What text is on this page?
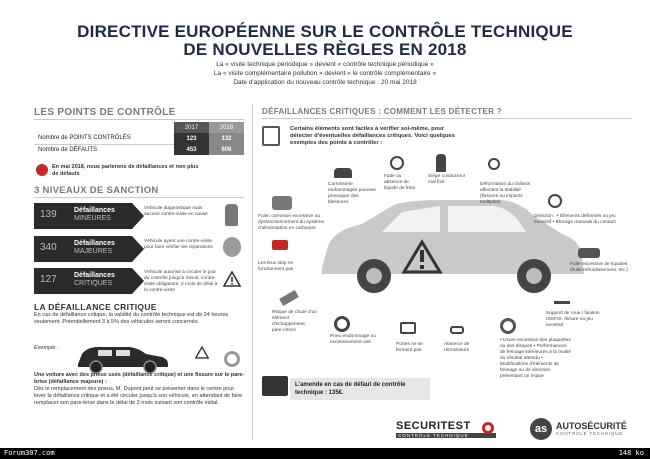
DIRECTIVE EUROPÉENNE SUR LE CONTRÔLE TECHNIQUE
DE NOUVELLES RÈGLES EN 2018
La « visite technique périodique » devient « contrôle technique périodique »
La « visite complémentaire pollution » devient « le contrôle complémentaire »
Date d'application du nouveau contrôle technique : 20 mai 2018
LES POINTS DE CONTRÔLE
	2017	2018
Nombre de POINTS CONTRÔLÉS	123	132
Nombre de DÉFAUTS	453	606
En mai 2018, nous parlerons de défaillances et non plus de défauts
3 NIVEAUX DE SANCTION
139 Défaillances
MINEURES
Véhicule diagnostiqué mais aucune contre-visite en cause
340 Défaillances
MAJEURES
Véhicule ayant une contre-visite pour faire vérifier les réparations
127 Défaillances
CRITIQUES
Véhicule autorisé à circuler le jour du contrôle jusqu'à minuit, contre-visite obligatoire, 2 mois de délai à la contre-visite
LA DÉFAILLANCE CRITIQUE
En cas de défaillance critique, la validité du contrôle technique est de 24 heures seulement. Potentiellement 3 à 5% des véhicules seront concernés.
Exemple :
Une voiture avec des pneus usés (défaillance critique) et une fissure sur le pare-brise (défaillance majeure) :
Dès le remplacement des pneus, M. Dupont peut se présenter dans le centre pour lever la défaillance critique et a été circuler jusqu'à son véhicule, en attendant de faire remplacer son pare-brise dans le délai de 2 mois suivant son contrôle initial.
DÉFAILLANCES CRITIQUES : COMMENT LES DÉTECTER ?
Certains éléments sont faciles à vérifier soi-même, pour détecter d'éventuelles défaillances critiques. Voici quelques exemples des points à contrôler :
Carrosserie endommagée pouvant provoquer des blessures
Fuite ou absence de liquide de frein
Siège conducteur mal fixé	Déformation du châssis affectant la stabilité (fissures ou impacts multiples)
Fuite, corrosion excessive ou dysfonctionnement du système d'alimentation en carburant
Les feux stop ne fonctionnent pas
Direction : • Éléments déformés ou jeu excessif • Blocage mauvais du contact
Fuite excessive de liquides (huile refroidissement, etc.)
Support de roue / fixation ISOFIX, fissure ou jeu excessif
Risque de chute d'un élément d'échappement, pare-chocs
Pneu endommagé ou excessivement usé	Portes ne se ferment pas
Absence de rétroviseurs
• Usure excessive des plaquettes ou des disques • Performances de freinage inférieures à la moitié du résultat attendu • Modifications d'éléments de freinage ou de direction présentant un risque
L'amende en cas de défaut de contrôle technique : 135€.
SECURITEST
CONTRÔLE TECHNIQUE
as AUTOSÉCURITÉ
CONTRÔLE TECHNIQUE
Forum307.com	148 ko
